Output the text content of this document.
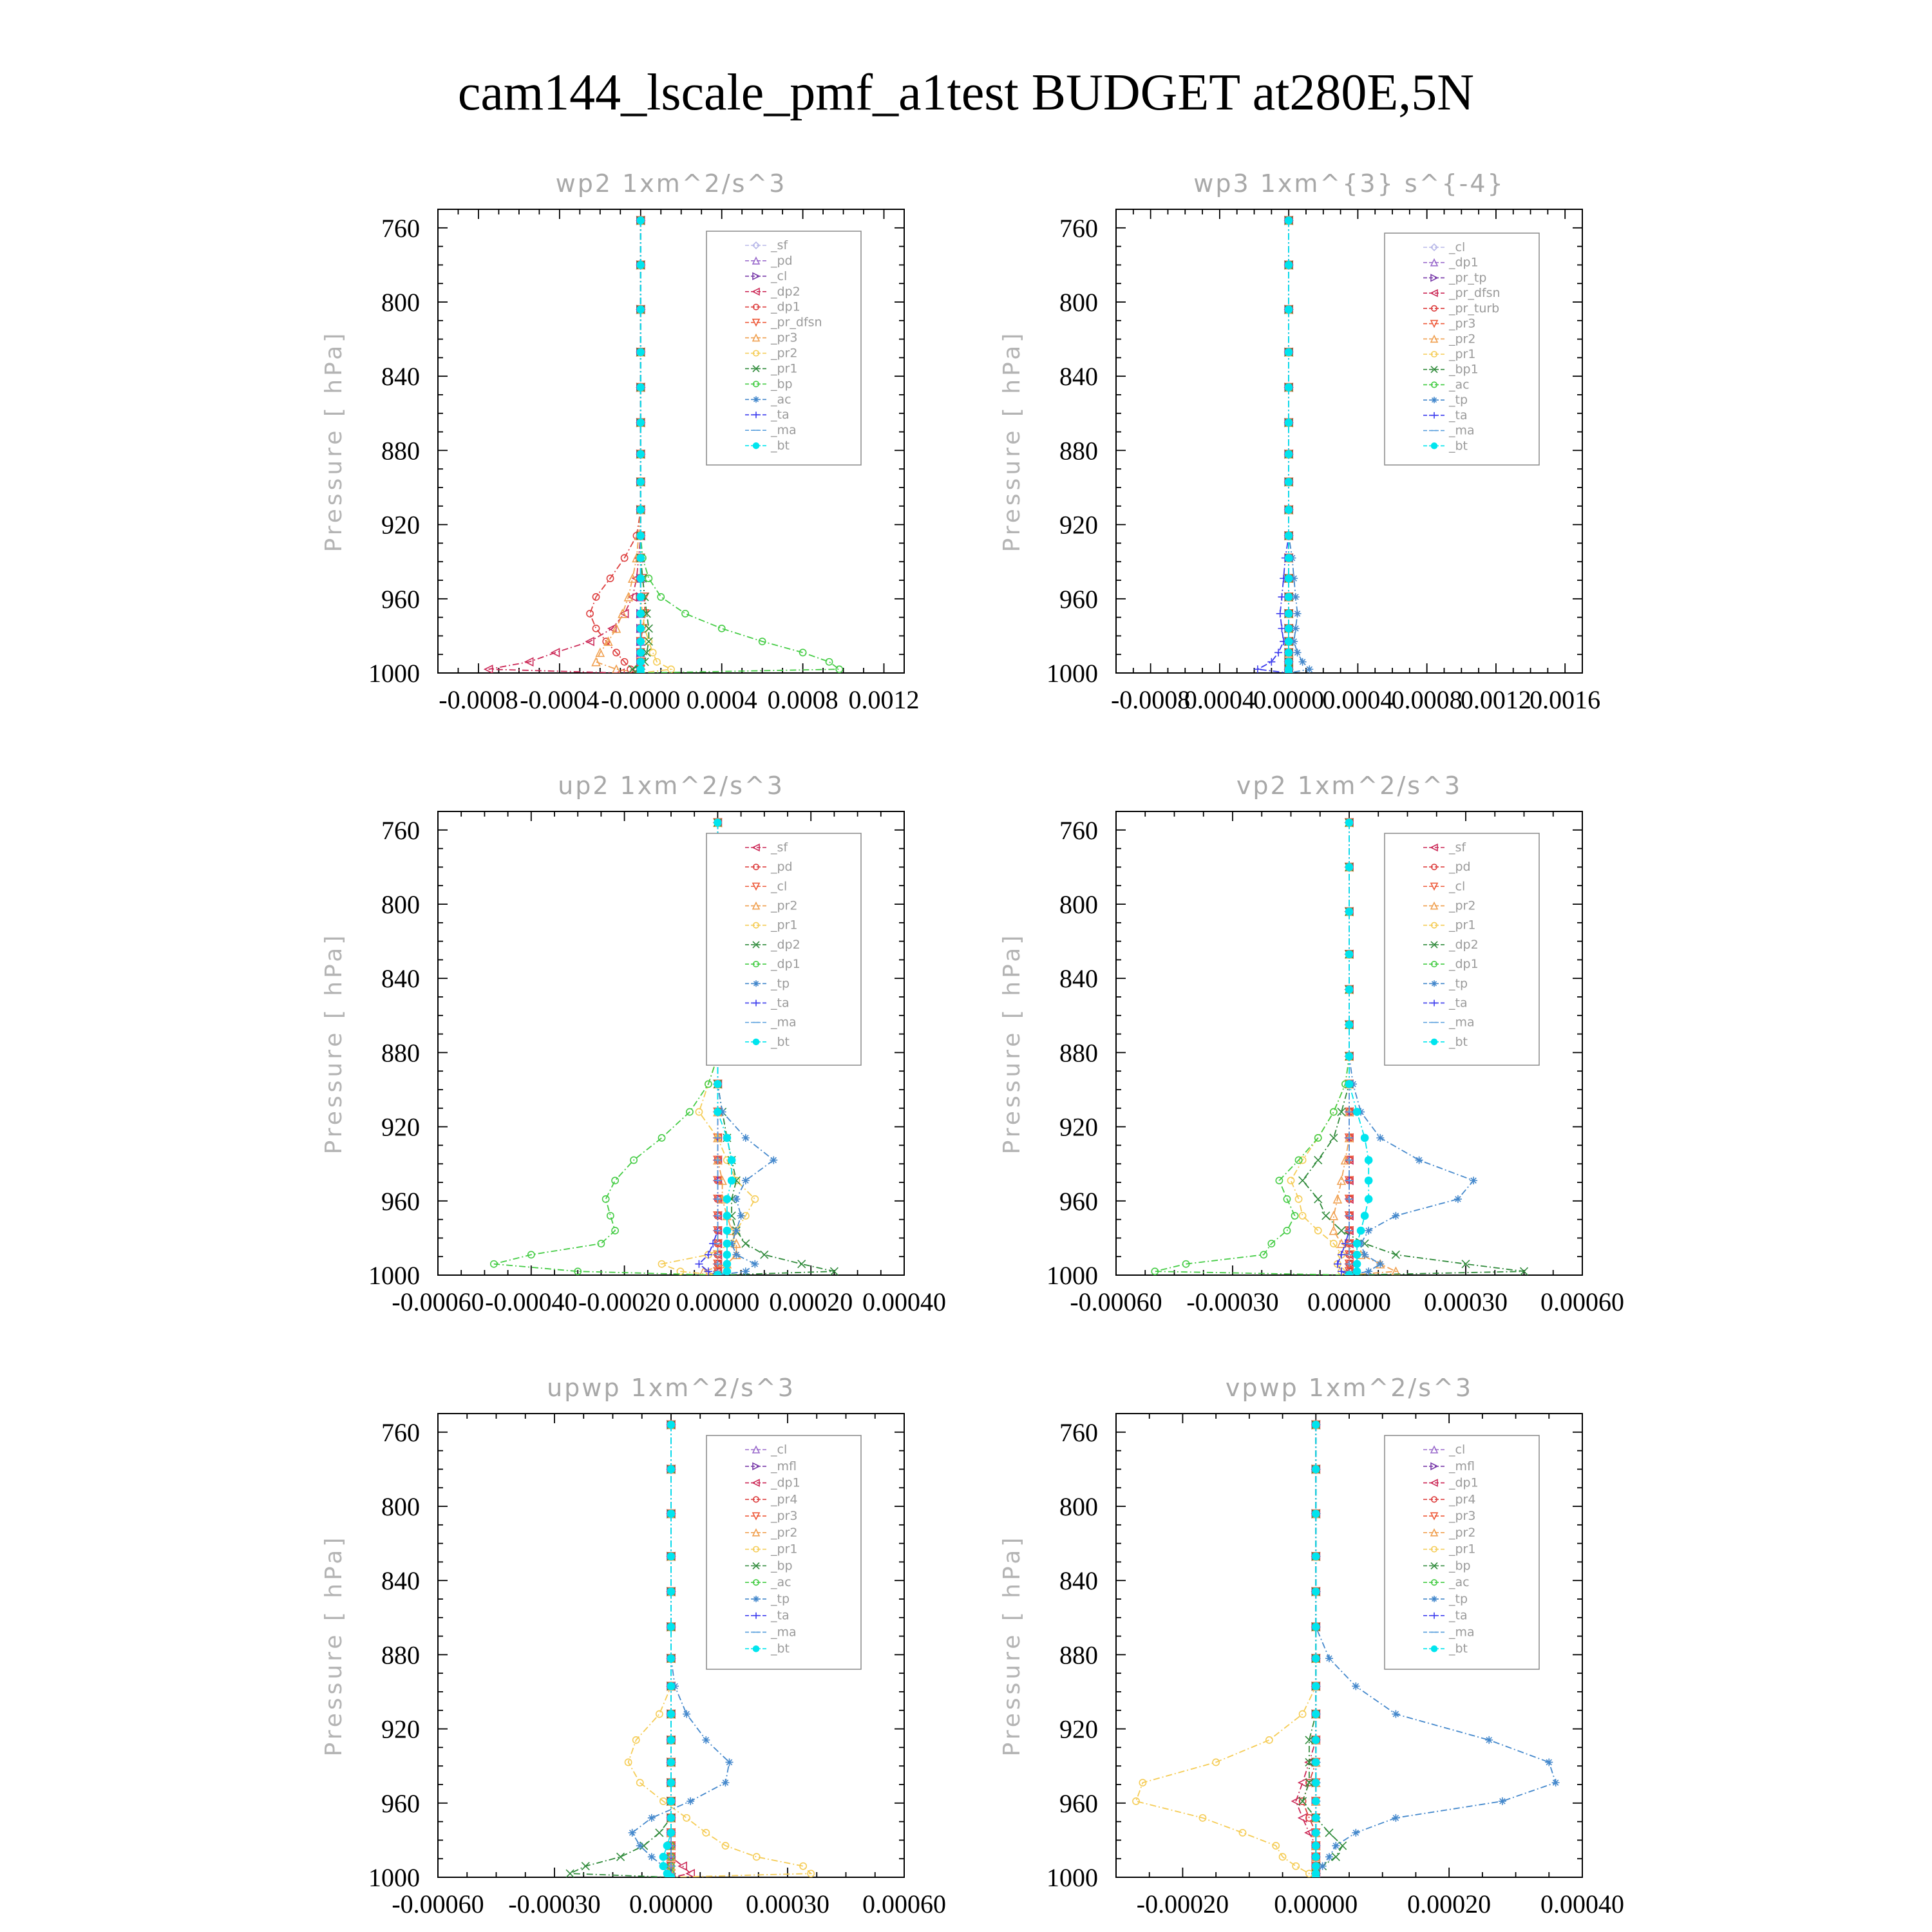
cam144_lscale_pmf_a1test BUDGET at280E,5N
wp2 1xm^2/s^3
Pressure [ hPa]
760
800
840
880
920
960
1000
-0.0008 -0.0004 -0.0000 0.0004 0.0008 0.0012
_sf
_pd
_cl
_dp2
_dp1
_pr_dfsn
_pr3
_pr2
_pr1
_bp
_ac
_ta
_ma
_bt
wp3 1xm^{3} s^{-4}
Pressure [ hPa]
760
800
840
880
920
960
1000
-0.0008
0.0004
0.0000
0.0004
0.0008
0.0012
0.0016
_cl
_dp1
_pr_tp
_pr_dfsn
_pr_turb
_pr3
_pr2
_pr1
_bp1
_ac
_tp
_ta
_ma
_bt
up2 1xm^2/s^3
Pressure [ hPa]
760
800
840
880
920
960
1000
-0.00060 -0.00040 -0.00020 0.00000 0.00020 0.00040
_sf
_pd
_cl
_pr2
_pr1
_dp2
_dp1
_tp
_ta
_ma
_bt
vp2 1xm^2/s^3
Pressure [ hPa]
760
800
840
880
920
960
1000
-0.00060 -0.00030 0.00000 0.00030 0.00060
_sf
_pd
_cl
_pr2
_pr1
_dp2
_dp1
_tp
_ta
_ma
_bt
upwp 1xm^2/s^3
Pressure [ hPa]
760
800
840
880
920
960
1000
-0.00060 -0.00030 0.00000 0.00030 0.00060
_cl
_mfl
_dp1
_pr4
_pr3
_pr2
_pr1
_bp
_ac
_tp
_ta
_ma
_bt
vpwp 1xm^2/s^3
Pressure [ hPa]
760
800
840
880
920
960
1000
-0.00020 0.00000 0.00020 0.00040
_cl
_mfl
_dp1
_pr4
_pr3
_pr2
_pr1
_bp
_ac
_tp
_ta
_ma
_bt
